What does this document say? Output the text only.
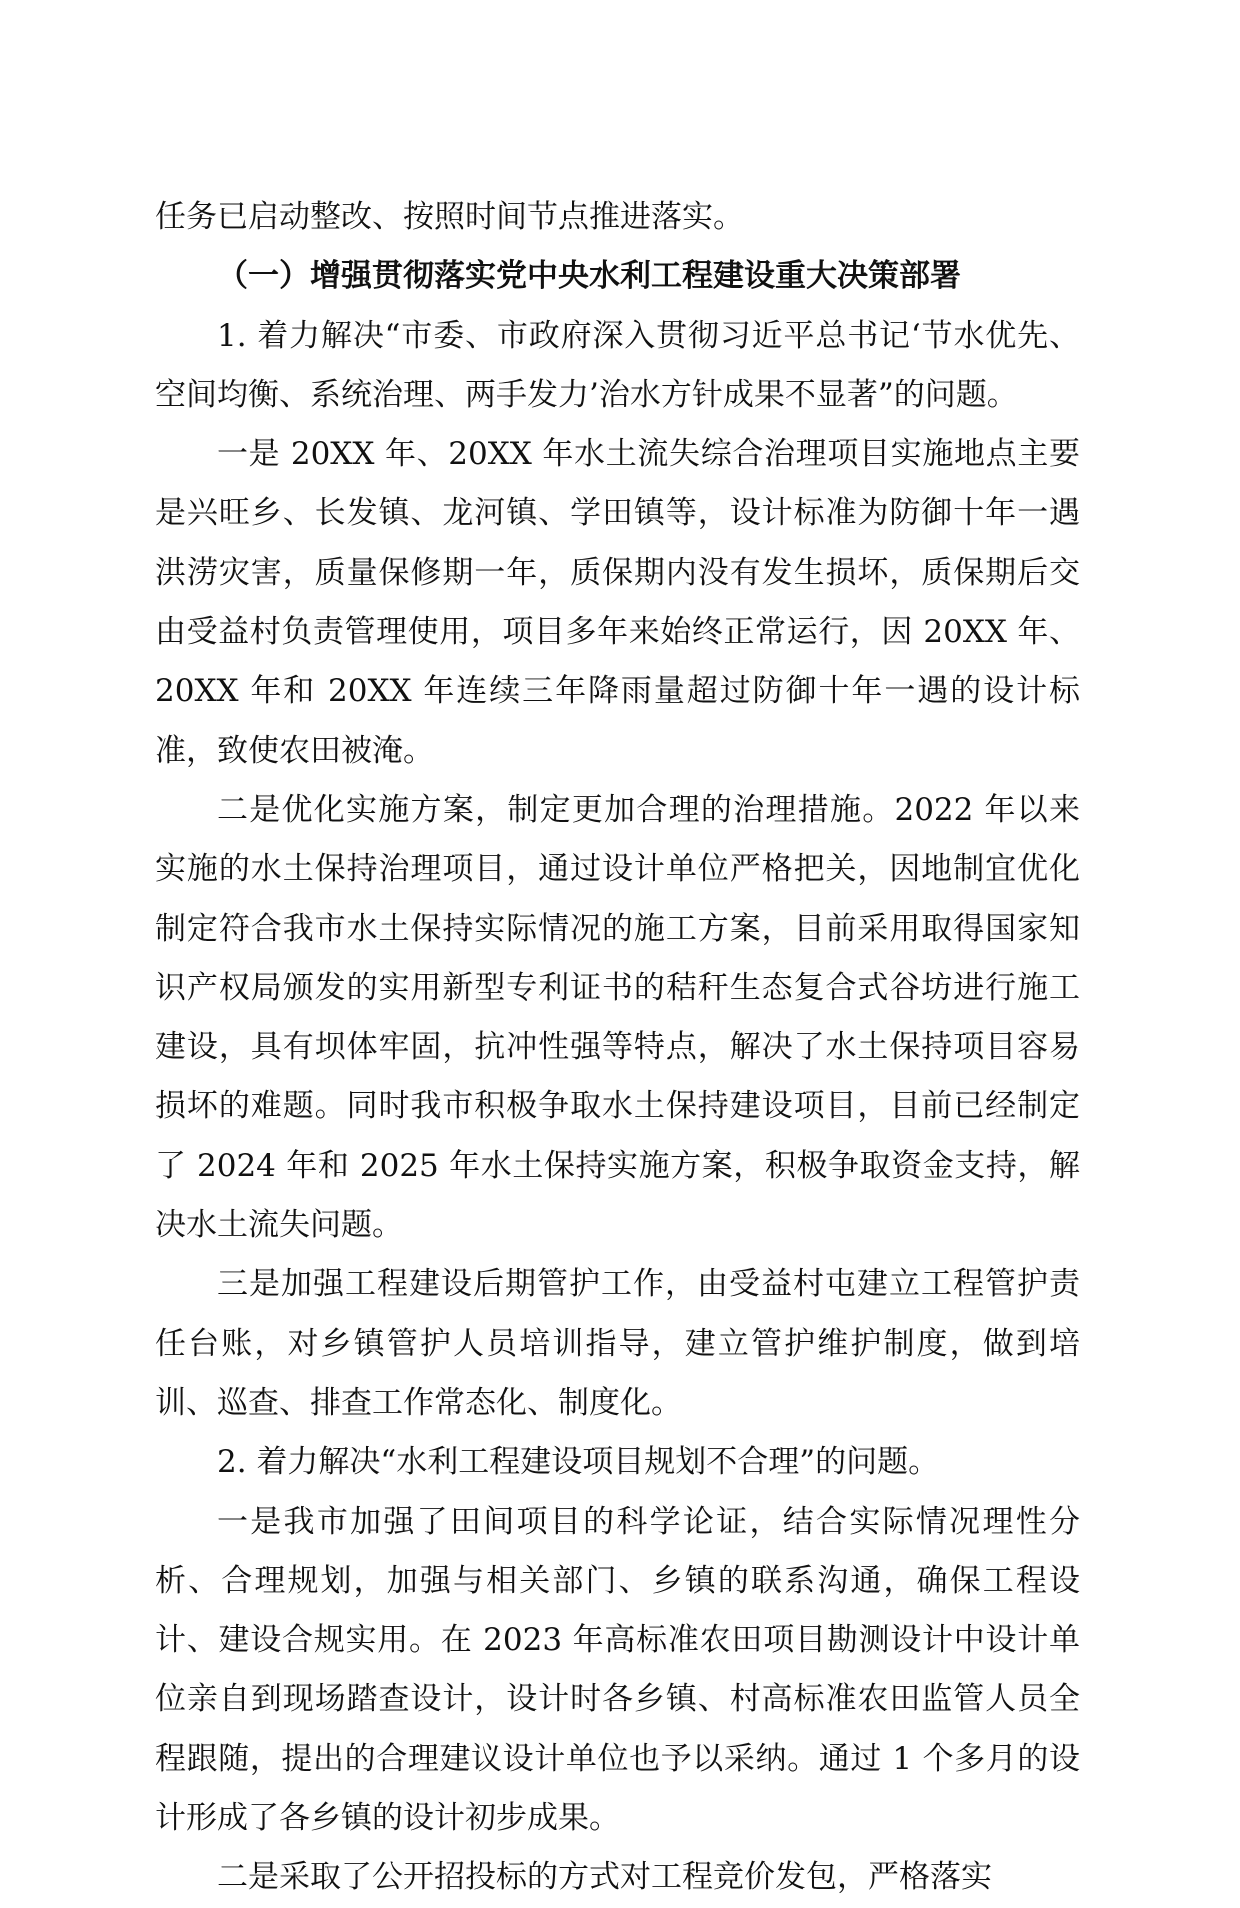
任务已启动整改、按照时间节点推进落实。

（一）增强贯彻落实党中央水利工程建设重大决策部署

1. 着力解决“市委、市政府深入贯彻习近平总书记‘节水优先、空间均衡、系统治理、两手发力’治水方针成果不显著”的问题。

一是 20XX 年、20XX 年水土流失综合治理项目实施地点主要是兴旺乡、长发镇、龙河镇、学田镇等，设计标准为防御十年一遇洪涝灾害，质量保修期一年，质保期内没有发生损坏，质保期后交由受益村负责管理使用，项目多年来始终正常运行，因 20XX 年、20XX 年和 20XX 年连续三年降雨量超过防御十年一遇的设计标准，致使农田被淹。

二是优化实施方案，制定更加合理的治理措施。2022 年以来实施的水土保持治理项目，通过设计单位严格把关，因地制宜优化制定符合我市水土保持实际情况的施工方案，目前采用取得国家知识产权局颁发的实用新型专利证书的秸秆生态复合式谷坊进行施工建设，具有坝体牢固，抗冲性强等特点，解决了水土保持项目容易损坏的难题。同时我市积极争取水土保持建设项目，目前已经制定了 2024 年和 2025 年水土保持实施方案，积极争取资金支持，解决水土流失问题。

三是加强工程建设后期管护工作，由受益村屯建立工程管护责任台账，对乡镇管护人员培训指导，建立管护维护制度，做到培训、巡查、排查工作常态化、制度化。

2. 着力解决“水利工程建设项目规划不合理”的问题。

一是我市加强了田间项目的科学论证，结合实际情况理性分析、合理规划，加强与相关部门、乡镇的联系沟通，确保工程设计、建设合规实用。在 2023 年高标准农田项目勘测设计中设计单位亲自到现场踏查设计，设计时各乡镇、村高标准农田监管人员全程跟随，提出的合理建议设计单位也予以采纳。通过 1 个多月的设计形成了各乡镇的设计初步成果。

二是采取了公开招投标的方式对工程竞价发包，严格落实
